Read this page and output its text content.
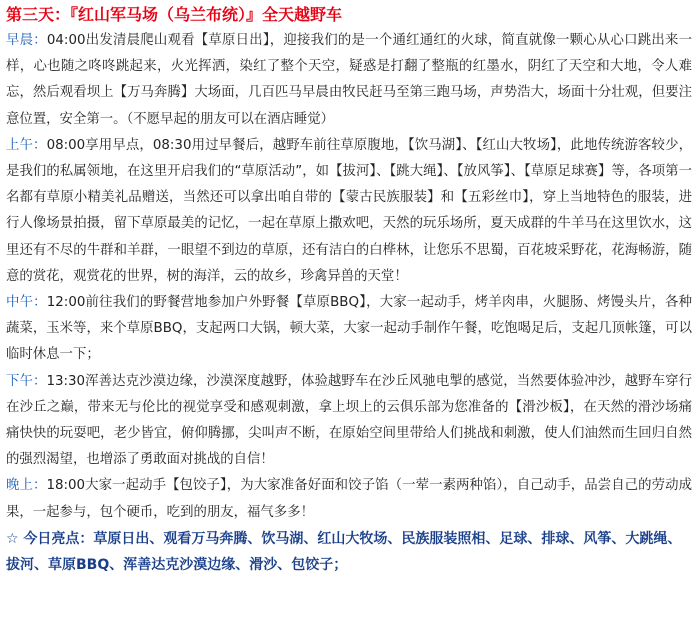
第三天：『红山军马场（乌兰布统）』全天越野车

早晨：04:00出发清晨爬山观看【草原日出】，迎接我们的是一个通红通红的火球，简直就像一颗心从心口跳出来一样，心也随之咚咚跳起来，火光挥洒，染红了整个天空，疑惑是打翻了整瓶的红墨水，阴红了天空和大地，令人难忘，然后观看坝上【万马奔腾】大场面，几百匹马早晨由牧民赶马至第三跑马场，声势浩大，场面十分壮观，但要注意位置，安全第一。（不愿早起的朋友可以在酒店睡觉）

上午：08:00享用早点，08:30用过早餐后，越野车前往草原腹地，【饮马湖】、【红山大牧场】，此地传统游客较少，是我们的私属领地，在这里开启我们的“草原活动”，如【拔河】、【跳大绳】、【放风筝】、【草原足球赛】等，各项第一名都有草原小精美礼品赠送，当然还可以拿出咱自带的【蒙古民族服装】和【五彩丝巾】，穿上当地特色的服装，进行人像场景拍摄，留下草原最美的记忆，一起在草原上撒欢吧，天然的玩乐场所，夏天成群的牛羊马在这里饮水，这里还有不尽的牛群和羊群，一眼望不到边的草原，还有洁白的白桦林，让您乐不思蜀，百花坡采野花，花海畅游，随意的赏花，观赏花的世界，树的海洋，云的故乡，珍禽异兽的天堂！

中午：12:00前往我们的野餐营地参加户外野餐【草原BBQ】，大家一起动手，烤羊肉串，火腿肠、烤馒头片，各种蔬菜，玉米等，来个草原BBQ，支起两口大锅，顿大菜，大家一起动手制作午餐，吃饱喝足后，支起几顶帐篷，可以临时休息一下；

下午：13:30浑善达克沙漠边缘，沙漠深度越野，体验越野车在沙丘风驰电掣的感觉，当然要体验冲沙，越野车穿行在沙丘之巅，带来无与伦比的视觉享受和感观刺激，拿上坝上的云俱乐部为您准备的【滑沙板】，在天然的滑沙场痛痛快快的玩耍吧，老少皆宜，俯仰腾挪，尖叫声不断，在原始空间里带给人们挑战和刺激，使人们油然而生回归自然的强烈渴望，也增添了勇敢面对挑战的自信！

晚上：18:00大家一起动手【包饺子】，为大家准备好面和饺子馅（一荤一素两种馅），自己动手，品尝自己的劳动成果，一起参与，包个硬币，吃到的朋友，福气多多！

☆ 今日亮点：草原日出、观看万马奔腾、饮马湖、红山大牧场、民族服装照相、足球、排球、风筝、大跳绳、拔河、草原BBQ、浑善达克沙漠边缘、滑沙、包饺子；
